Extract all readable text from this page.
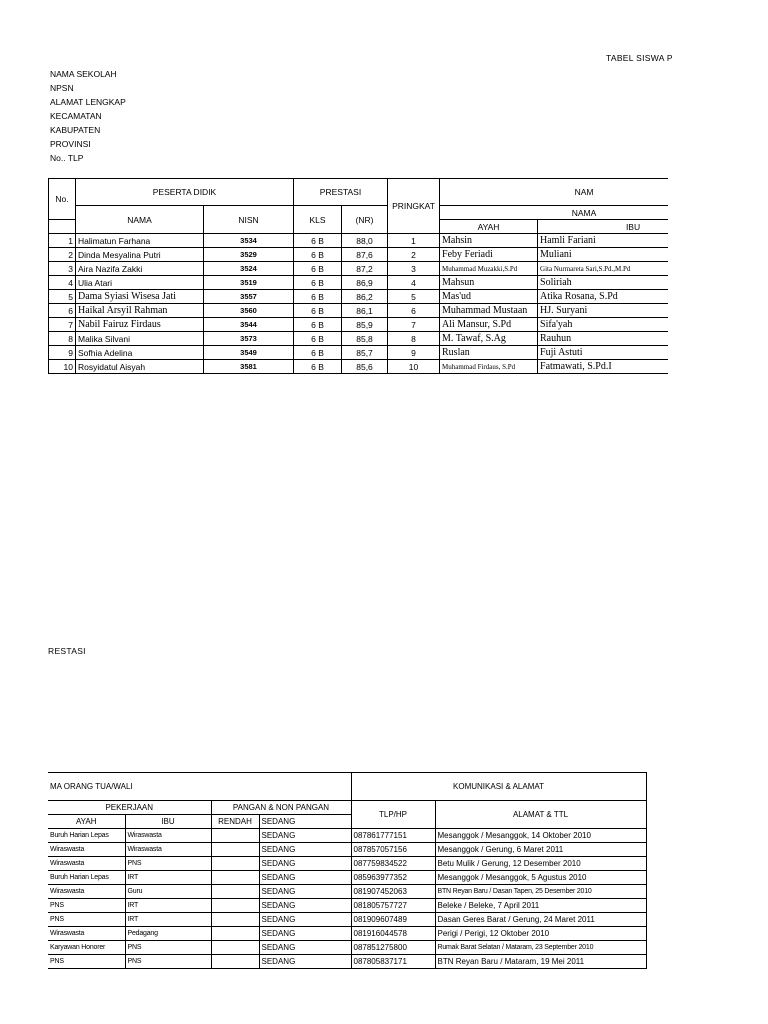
TABEL SISWA P
NAMA SEKOLAH
NPSN
ALAMAT LENGKAP
KECAMATAN
KABUPATEN
PROVINSI
No.. TLP
No.	PESERTA DIDIK		PRESTASI		PRINGKAT	NAM	
	NAMA	NISN	KLS	(NR)		NAMA	
						AYAH	IBU
1	Halimatun Farhana	3534	6 B	88,0	1	Mahsin	Hamli Fariani
2	Dinda Mesyalina Putri	3529	6 B	87,6	2	Feby Feriadi	Muliani
3	Aira Nazifa Zakki	3524	6 B	87,2	3	Muhammad Muzakki,S.Pd	Gita Nurmareta Sari,S.Pd.,M.Pd
4	Ulia Atari	3519	6 B	86,9	4	Mahsun	Soliriah
5	Dama Syiasi Wisesa Jati	3557	6 B	86,2	5	Mas'ud	Atika Rosana, S.Pd
6	Haikal Arsyil Rahman	3560	6 B	86,1	6	Muhammad Mustaan	HJ. Suryani
7	Nabil Fairuz Firdaus	3544	6 B	85,9	7	Ali Mansur, S.Pd	Sifa'yah
8	Malika Silvani	3573	6 B	85,8	8	M. Tawaf, S.Ag	Rauhun
9	Sofhia Adelina	3549	6 B	85,7	9	Ruslan	Fuji Astuti
10	Rosyidatul Aisyah	3581	6 B	85,6	10	Muhammad Firdaus, S.Pd	Fatmawati, S.Pd.I
RESTASI
MA ORANG TUA/WALI				KOMUNIKASI & ALAMAT	
PEKERJAAN		PANGAN & NON PANGAN		TLP/HP	ALAMAT & TTL
AYAH	IBU	RENDAH	SEDANG		
Buruh Harian Lepas	Wiraswasta		SEDANG	087861777151	Mesanggok / Mesanggok, 14 Oktober 2010
Wiraswasta	Wiraswasta		SEDANG	087857057156	Mesanggok / Gerung, 6 Maret 2011
Wiraswasta	PNS		SEDANG	087759834522	Betu Mulik / Gerung, 12 Desember 2010
Buruh Harian Lepas	IRT		SEDANG	085963977352	Mesanggok / Mesanggok, 5 Agustus 2010
Wiraswasta	Guru		SEDANG	081907452063	BTN Reyan Baru / Dasan Tapen, 25 Desember 2010
PNS	IRT		SEDANG	081805757727	Beleke / Beleke, 7 April 2011
PNS	IRT		SEDANG	081909607489	Dasan Geres Barat / Gerung, 24 Maret 2011
Wiraswasta	Pedagang		SEDANG	081916044578	Perigi / Perigi, 12 Oktober 2010
Karyawan Honorer	PNS		SEDANG	087851275800	Rumak Barat Selatan / Mataram, 23 September 2010
PNS	PNS		SEDANG	087805837171	BTN Reyan Baru / Mataram, 19 Mei 2011
